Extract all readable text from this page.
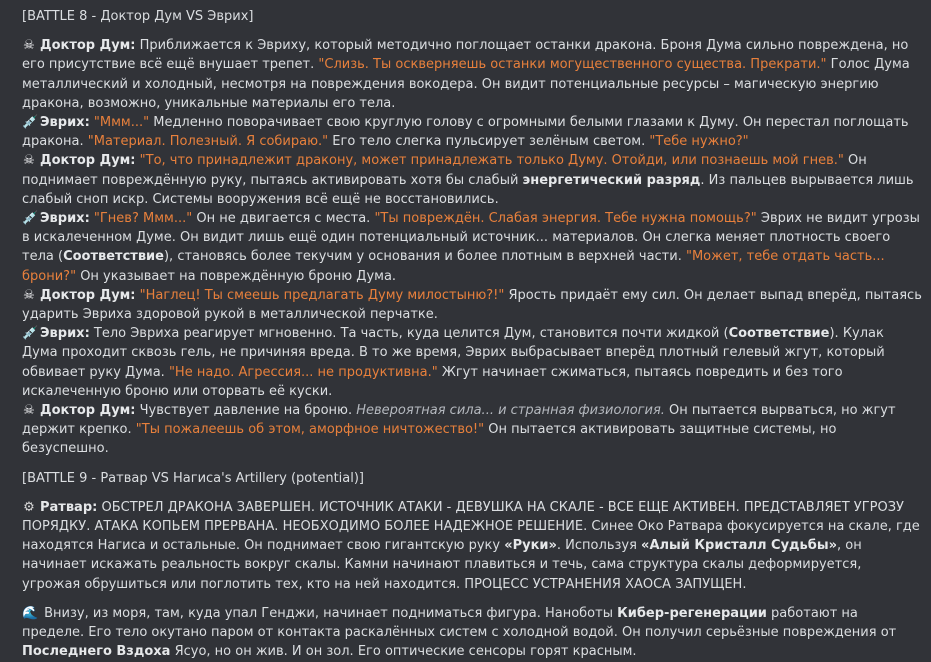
[BATTLE 8 - Доктор Дум VS Эврих]

☠ Доктор Дум: Приближается к Эвриху, который методично поглощает останки дракона. Броня Дума сильно повреждена, но его присутствие всё ещё внушает трепет. "Слизь. Ты оскверняешь останки могущественного существа. Прекрати." Голос Дума металлический и холодный, несмотря на повреждения вокодера. Он видит потенциальные ресурсы – магическую энергию дракона, возможно, уникальные материалы его тела.

💉 Эврих: "Ммм..." Медленно поворачивает свою круглую голову с огромными белыми глазами к Думу. Он перестал поглощать дракона. "Материал. Полезный. Я собираю." Его тело слегка пульсирует зелёным светом. "Тебе нужно?"

☠ Доктор Дум: "То, что принадлежит дракону, может принадлежать только Думу. Отойди, или познаешь мой гнев." Он поднимает повреждённую руку, пытаясь активировать хотя бы слабый энергетический разряд. Из пальцев вырывается лишь слабый сноп искр. Системы вооружения всё ещё не восстановились.

💉 Эврих: "Гнев? Ммм..." Он не двигается с места. "Ты повреждён. Слабая энергия. Тебе нужна помощь?" Эврих не видит угрозы в искалеченном Думе. Он видит лишь ещё один потенциальный источник... материалов. Он слегка меняет плотность своего тела (Соответствие), становясь более текучим у основания и более плотным в верхней части. "Может, тебе отдать часть... брони?" Он указывает на повреждённую броню Дума.

☠ Доктор Дум: "Наглец! Ты смеешь предлагать Думу милостыню?!" Ярость придаёт ему сил. Он делает выпад вперёд, пытаясь ударить Эвриха здоровой рукой в металлической перчатке.

💉 Эврих: Тело Эвриха реагирует мгновенно. Та часть, куда целится Дум, становится почти жидкой (Соответствие). Кулак Дума проходит сквозь гель, не причиняя вреда. В то же время, Эврих выбрасывает вперёд плотный гелевый жгут, который обвивает руку Дума. "Не надо. Агрессия... не продуктивна." Жгут начинает сжиматься, пытаясь повредить и без того искалеченную броню или оторвать её куски.

☠ Доктор Дум: Чувствует давление на броню. Невероятная сила... и странная физиология. Он пытается вырваться, но жгут держит крепко. "Ты пожалеешь об этом, аморфное ничтожество!" Он пытается активировать защитные системы, но безуспешно.

[BATTLE 9 - Ратвар VS Нагиса's Artillery (potential)]

⚙ Ратвар: ОБСТРЕЛ ДРАКОНА ЗАВЕРШЕН. ИСТОЧНИК АТАКИ - ДЕВУШКА НА СКАЛЕ - ВСЕ ЕЩЕ АКТИВЕН. ПРЕДСТАВЛЯЕТ УГРОЗУ ПОРЯДКУ. АТАКА КОПЬЕМ ПРЕРВАНА. НЕОБХОДИМО БОЛЕЕ НАДЕЖНОЕ РЕШЕНИЕ. Синее Око Ратвара фокусируется на скале, где находятся Нагиса и остальные. Он поднимает свою гигантскую руку «Руки». Используя «Алый Кристалл Судьбы», он начинает искажать реальность вокруг скалы. Камни начинают плавиться и течь, сама структура скалы деформируется, угрожая обрушиться или поглотить тех, кто на ней находится. ПРОЦЕСС УСТРАНЕНИЯ ХАОСА ЗАПУЩЕН.

🌊 Внизу, из моря, там, куда упал Генджи, начинает подниматься фигура. Наноботы Кибер-регенерации работают на пределе. Его тело окутано паром от контакта раскалённых систем с холодной водой. Он получил серьёзные повреждения от Последнего Вздоха Ясуо, но он жив. И он зол. Его оптические сенсоры горят красным.
